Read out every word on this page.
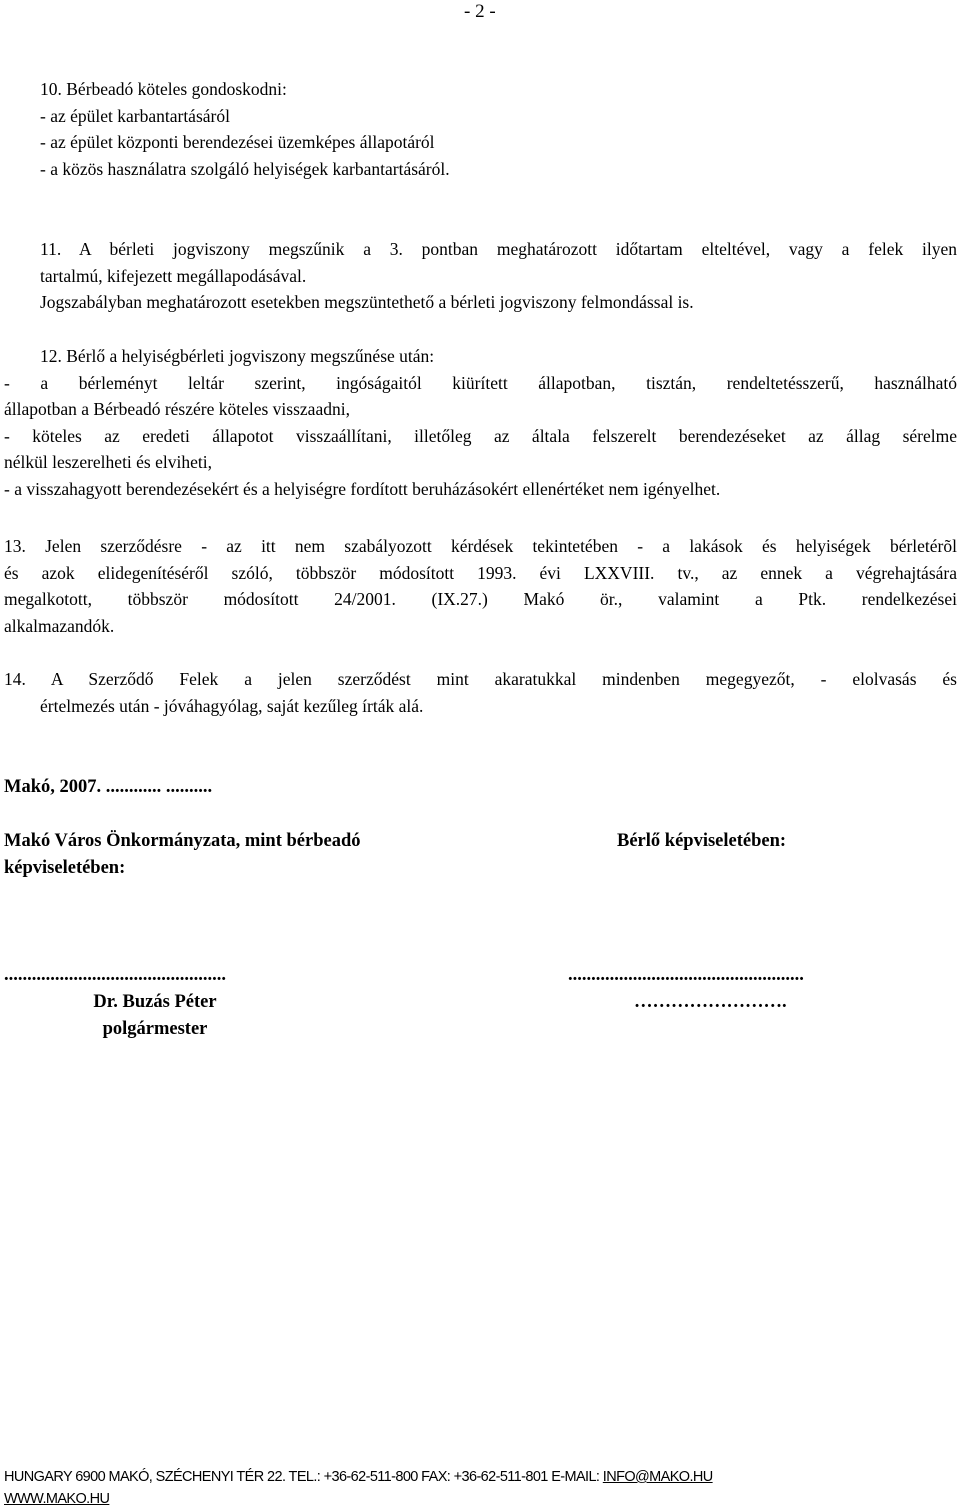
- 2 -
10. Bérbeadó köteles gondoskodni:
- az épület karbantartásáról
- az épület központi berendezései üzemképes állapotáról
- a közös használatra szolgáló helyiségek karbantartásáról.
11. A bérleti jogviszony megszűnik a 3. pontban meghatározott időtartam elteltével, vagy a felek ilyen
tartalmú, kifejezett megállapodásával.
Jogszabályban meghatározott esetekben megszüntethető a bérleti jogviszony felmondással is.
12. Bérlő a helyiségbérleti jogviszony megszűnése után:
- a bérleményt leltár szerint, ingóságaitól kiürített állapotban, tisztán, rendeltetésszerű, használható
állapotban a Bérbeadó részére köteles visszaadni,
- köteles az eredeti állapotot visszaállítani, illetőleg az általa felszerelt berendezéseket az állag sérelme
nélkül leszerelheti és elviheti,
- a visszahagyott berendezésekért és a helyiségre fordított beruházásokért ellenértéket nem igényelhet.
13. Jelen szerződésre - az itt nem szabályozott kérdések tekintetében - a lakások és helyiségek bérletérõl
és azok elidegenítéséről szóló, többször módosított 1993. évi LXXVIII. tv., az ennek a végrehajtására
megalkotott, többször módosított 24/2001. (IX.27.) Makó ör., valamint a Ptk. rendelkezései
alkalmazandók.
14. A Szerződő Felek a jelen szerződést mint akaratukkal mindenben megegyezőt, - elolvasás és
értelmezés után - jóváhagyólag, saját kezűleg írták alá.
Makó, 2007. ............ ..........
Makó Város Önkormányzata, mint bérbeadó
képviseletében:
Bérlő képviseletében:
................................................
Dr. Buzás Péter
polgármester
...................................................
…………………….
HUNGARY 6900 MAKÓ, SZÉCHENYI TÉR 22. TEL.: +36-62-511-800 FAX: +36-62-511-801 E-MAIL: INFO@MAKO.HU
WWW.MAKO.HU
